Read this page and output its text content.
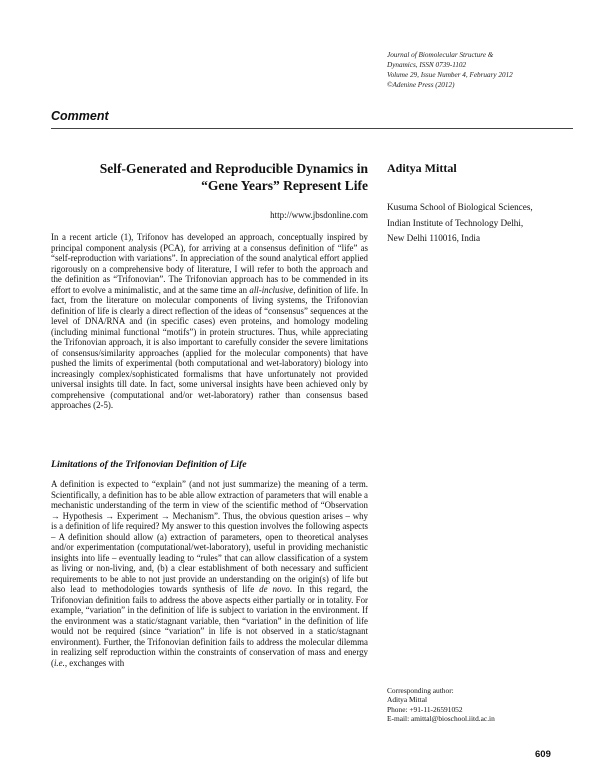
Journal of Biomolecular Structure &
Dynamics, ISSN 0739-1102
Volume 29, Issue Number 4, February 2012
©Adenine Press (2012)
Comment
Self-Generated and Reproducible Dynamics in
“Gene Years” Represent Life
http://www.jbsdonline.com
Aditya Mittal
Kusuma School of Biological Sciences,
Indian Institute of Technology Delhi,
New Delhi 110016, India
In a recent article (1), Trifonov has developed an approach, conceptually inspired by principal component analysis (PCA), for arriving at a consensus definition of “life” as “self-reproduction with variations”. In appreciation of the sound analytical effort applied rigorously on a comprehensive body of literature, I will refer to both the approach and the definition as “Trifonovian”. The Trifonovian approach has to be commended in its effort to evolve a minimalistic, and at the same time an all-inclusive, definition of life. In fact, from the literature on molecular components of living systems, the Trifonovian definition of life is clearly a direct reflection of the ideas of “consensus” sequences at the level of DNA/RNA and (in specific cases) even proteins, and homology modeling (including minimal functional “motifs”) in protein structures. Thus, while appreciating the Trifonovian approach, it is also important to carefully consider the severe limitations of consensus/similarity approaches (applied for the molecular components) that have pushed the limits of experimental (both computational and wet-laboratory) biology into increasingly complex/sophisticated formalisms that have unfortunately not provided universal insights till date. In fact, some universal insights have been achieved only by comprehensive (computational and/or wet-laboratory) rather than consensus based approaches (2-5).
Limitations of the Trifonovian Definition of Life
A definition is expected to “explain” (and not just summarize) the meaning of a term. Scientifically, a definition has to be able allow extraction of parameters that will enable a mechanistic understanding of the term in view of the scientific method of “Observation → Hypothesis → Experiment → Mechanism”. Thus, the obvious question arises – why is a definition of life required? My answer to this question involves the following aspects – A definition should allow (a) extraction of parameters, open to theoretical analyses and/or experimentation (computational/wet-laboratory), useful in providing mechanistic insights into life – eventually leading to “rules” that can allow classification of a system as living or non-living, and, (b) a clear establishment of both necessary and sufficient requirements to be able to not just provide an understanding on the origin(s) of life but also lead to methodologies towards synthesis of life de novo. In this regard, the Trifonovian definition fails to address the above aspects either partially or in totality. For example, “variation” in the definition of life is subject to variation in the environment. If the environment was a static/stagnant variable, then “variation” in the definition of life would not be required (since “variation” in life is not observed in a static/stagnant environment). Further, the Trifonovian definition fails to address the molecular dilemma in realizing self reproduction within the constraints of conservation of mass and energy (i.e., exchanges with
Corresponding author:
Aditya Mittal
Phone: +91-11-26591052
E-mail: amittal@bioschool.iitd.ac.in
609
